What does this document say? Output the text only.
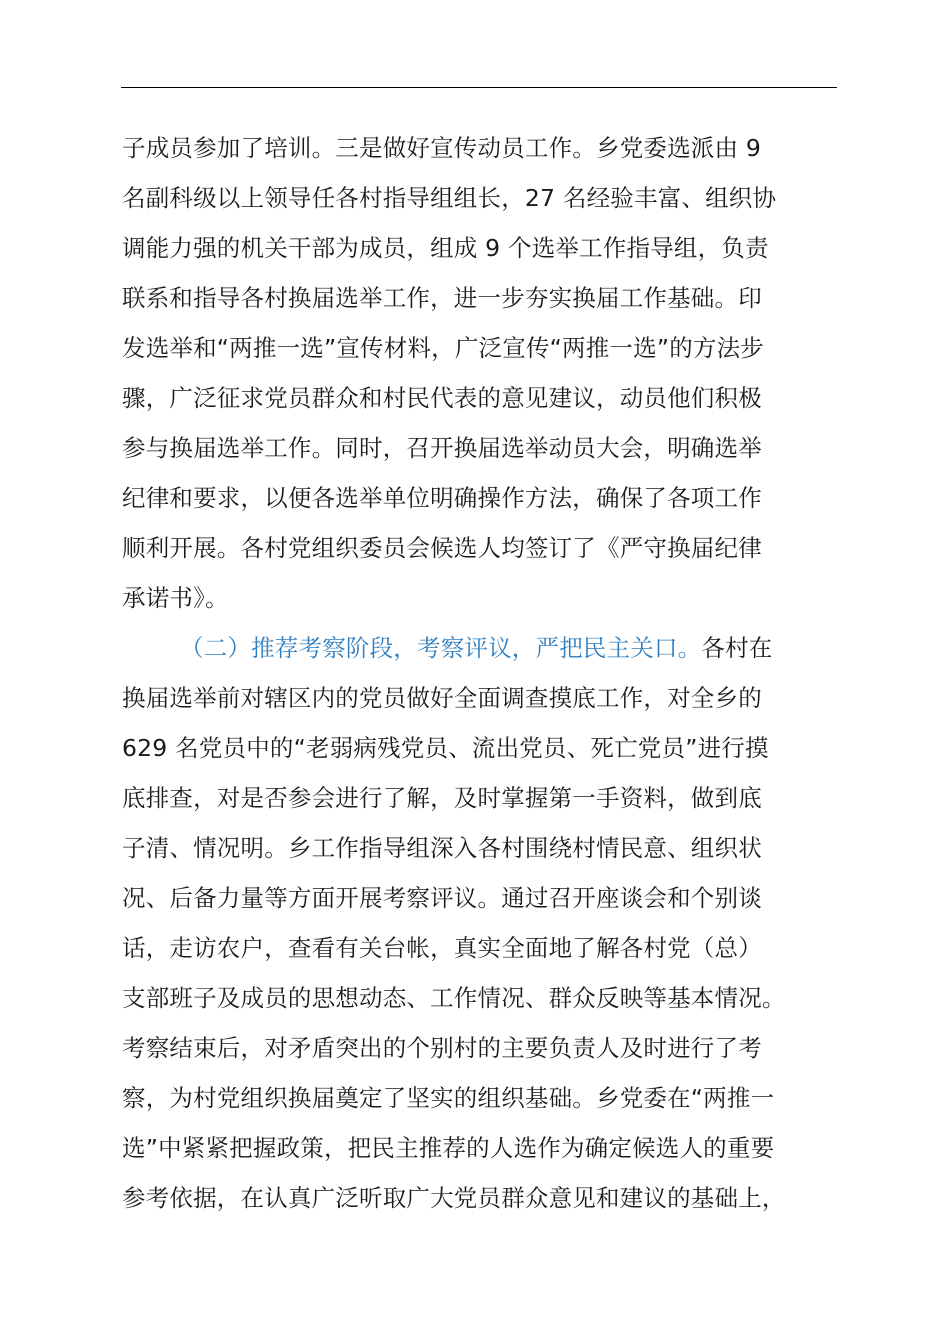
子成员参加了培训。三是做好宣传动员工作。乡党委选派由 9
名副科级以上领导任各村指导组组长，27 名经验丰富、组织协
调能力强的机关干部为成员，组成 9 个选举工作指导组，负责
联系和指导各村换届选举工作，进一步夯实换届工作基础。印
发选举和“两推一选”宣传材料，广泛宣传“两推一选”的方法步
骤，广泛征求党员群众和村民代表的意见建议，动员他们积极
参与换届选举工作。同时，召开换届选举动员大会，明确选举
纪律和要求，以便各选举单位明确操作方法，确保了各项工作
顺利开展。各村党组织委员会候选人均签订了《严守换届纪律
承诺书》。
（二）推荐考察阶段，考察评议，严把民主关口。各村在
换届选举前对辖区内的党员做好全面调查摸底工作，对全乡的
629 名党员中的“老弱病残党员、流出党员、死亡党员”进行摸
底排查，对是否参会进行了解，及时掌握第一手资料，做到底
子清、情况明。乡工作指导组深入各村围绕村情民意、组织状
况、后备力量等方面开展考察评议。通过召开座谈会和个别谈
话，走访农户，查看有关台帐，真实全面地了解各村党（总）
支部班子及成员的思想动态、工作情况、群众反映等基本情况。
考察结束后，对矛盾突出的个别村的主要负责人及时进行了考
察，为村党组织换届奠定了坚实的组织基础。乡党委在“两推一
选”中紧紧把握政策，把民主推荐的人选作为确定候选人的重要
参考依据，在认真广泛听取广大党员群众意见和建议的基础上，
